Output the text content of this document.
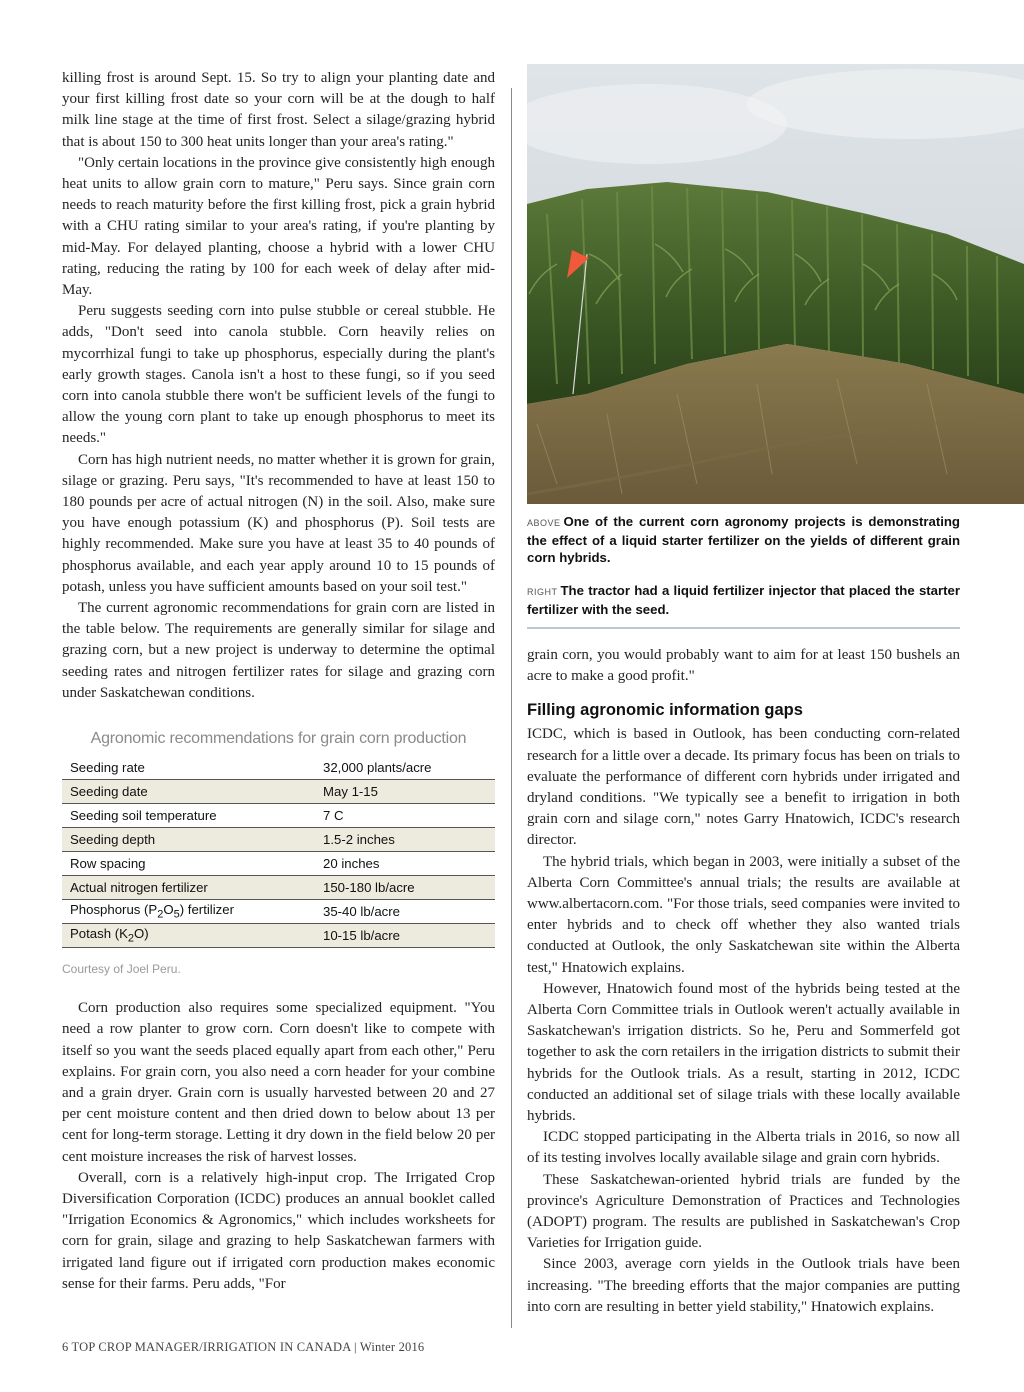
killing frost is around Sept. 15. So try to align your planting date and your first killing frost date so your corn will be at the dough to half milk line stage at the time of first frost. Select a silage/grazing hybrid that is about 150 to 300 heat units longer than your area's rating."

"Only certain locations in the province give consistently high enough heat units to allow grain corn to mature," Peru says. Since grain corn needs to reach maturity before the first killing frost, pick a grain hybrid with a CHU rating similar to your area's rating, if you're planting by mid-May. For delayed planting, choose a hybrid with a lower CHU rating, reducing the rating by 100 for each week of delay after mid-May.

Peru suggests seeding corn into pulse stubble or cereal stubble. He adds, "Don't seed into canola stubble. Corn heavily relies on mycorrhizal fungi to take up phosphorus, especially during the plant's early growth stages. Canola isn't a host to these fungi, so if you seed corn into canola stubble there won't be sufficient levels of the fungi to allow the young corn plant to take up enough phosphorus to meet its needs."

Corn has high nutrient needs, no matter whether it is grown for grain, silage or grazing. Peru says, "It's recommended to have at least 150 to 180 pounds per acre of actual nitrogen (N) in the soil. Also, make sure you have enough potassium (K) and phosphorus (P). Soil tests are highly recommended. Make sure you have at least 35 to 40 pounds of phosphorus available, and each year apply around 10 to 15 pounds of potash, unless you have sufficient amounts based on your soil test."

The current agronomic recommendations for grain corn are listed in the table below. The requirements are generally similar for silage and grazing corn, but a new project is underway to determine the optimal seeding rates and nitrogen fertilizer rates for silage and grazing corn under Saskatchewan conditions.

Agronomic recommendations for grain corn production
Seeding rate	32,000 plants/acre
Seeding date	May 1-15
Seeding soil temperature	7 C
Seeding depth	1.5-2 inches
Row spacing	20 inches
Actual nitrogen fertilizer	150-180 lb/acre
Phosphorus $(P_2O_5)$ fertilizer	35-40 lb/acre
Potash $(K_2O)$	10-15 lb/acre
Courtesy of Joel Peru.

Corn production also requires some specialized equipment. "You need a row planter to grow corn. Corn doesn't like to compete with itself so you want the seeds placed equally apart from each other," Peru explains. For grain corn, you also need a corn header for your combine and a grain dryer. Grain corn is usually harvested between 20 and 27 per cent moisture content and then dried down to below about 13 per cent for long-term storage. Letting it dry down in the field below 20 per cent moisture increases the risk of harvest losses.

Overall, corn is a relatively high-input crop. The Irrigated Crop Diversification Corporation (ICDC) produces an annual booklet called "Irrigation Economics & Agronomics," which includes worksheets for corn for grain, silage and grazing to help Saskatchewan farmers with irrigated land figure out if irrigated corn production makes economic sense for their farms. Peru adds, "For

ABOVE One of the current corn agronomy projects is demonstrating the effect of a liquid starter fertilizer on the yields of different grain corn hybrids.
RIGHT The tractor had a liquid fertilizer injector that placed the starter fertilizer with the seed.

grain corn, you would probably want to aim for at least 150 bushels an acre to make a good profit."

Filling agronomic information gaps

ICDC, which is based in Outlook, has been conducting corn-related research for a little over a decade. Its primary focus has been on trials to evaluate the performance of different corn hybrids under irrigated and dryland conditions. "We typically see a benefit to irrigation in both grain corn and silage corn," notes Garry Hnatowich, ICDC's research director.

The hybrid trials, which began in 2003, were initially a subset of the Alberta Corn Committee's annual trials; the results are available at www.albertacorn.com. "For those trials, seed companies were invited to enter hybrids and to check off whether they also wanted trials conducted at Outlook, the only Saskatchewan site within the Alberta test," Hnatowich explains.

However, Hnatowich found most of the hybrids being tested at the Alberta Corn Committee trials in Outlook weren't actually available in Saskatchewan's irrigation districts. So he, Peru and Sommerfeld got together to ask the corn retailers in the irrigation districts to submit their hybrids for the Outlook trials. As a result, starting in 2012, ICDC conducted an additional set of silage trials with these locally available hybrids.

ICDC stopped participating in the Alberta trials in 2016, so now all of its testing involves locally available silage and grain corn hybrids.

These Saskatchewan-oriented hybrid trials are funded by the province's Agriculture Demonstration of Practices and Technologies (ADOPT) program. The results are published in Saskatchewan's Crop Varieties for Irrigation guide.

Since 2003, average corn yields in the Outlook trials have been increasing. "The breeding efforts that the major companies are putting into corn are resulting in better yield stability," Hnatowich explains.

6 TOP CROP MANAGER/IRRIGATION IN CANADA | Winter 2016
